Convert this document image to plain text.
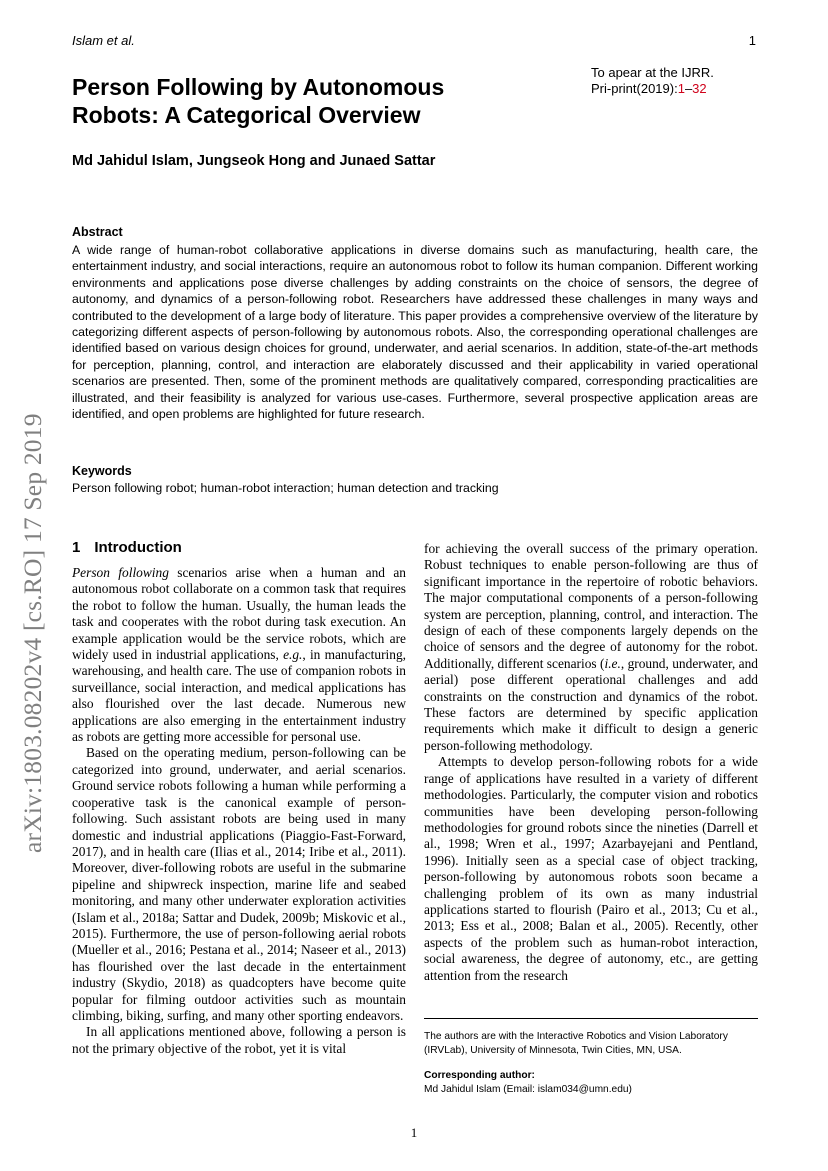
Islam et al.	1
arXiv:1803.08202v4 [cs.RO] 17 Sep 2019
Person Following by Autonomous
Robots: A Categorical Overview
To apear at the IJRR.
Pri-print(2019):1–32
Md Jahidul Islam, Jungseok Hong and Junaed Sattar
Abstract
A wide range of human-robot collaborative applications in diverse domains such as manufacturing, health care, the entertainment industry, and social interactions, require an autonomous robot to follow its human companion. Different working environments and applications pose diverse challenges by adding constraints on the choice of sensors, the degree of autonomy, and dynamics of a person-following robot. Researchers have addressed these challenges in many ways and contributed to the development of a large body of literature. This paper provides a comprehensive overview of the literature by categorizing different aspects of person-following by autonomous robots. Also, the corresponding operational challenges are identified based on various design choices for ground, underwater, and aerial scenarios. In addition, state-of-the-art methods for perception, planning, control, and interaction are elaborately discussed and their applicability in varied operational scenarios are presented. Then, some of the prominent methods are qualitatively compared, corresponding practicalities are illustrated, and their feasibility is analyzed for various use-cases. Furthermore, several prospective application areas are identified, and open problems are highlighted for future research.
Keywords
Person following robot; human-robot interaction; human detection and tracking
1 Introduction

Person following scenarios arise when a human and an autonomous robot collaborate on a common task that requires the robot to follow the human. Usually, the human leads the task and cooperates with the robot during task execution. An example application would be the service robots, which are widely used in industrial applications, e.g., in manufacturing, warehousing, and health care. The use of companion robots in surveillance, social interaction, and medical applications has also flourished over the last decade. Numerous new applications are also emerging in the entertainment industry as robots are getting more accessible for personal use.

Based on the operating medium, person-following can be categorized into ground, underwater, and aerial scenarios. Ground service robots following a human while performing a cooperative task is the canonical example of person-following. Such assistant robots are being used in many domestic and industrial applications (Piaggio-Fast-Forward, 2017), and in health care (Ilias et al., 2014; Iribe et al., 2011). Moreover, diver-following robots are useful in the submarine pipeline and shipwreck inspection, marine life and seabed monitoring, and many other underwater exploration activities (Islam et al., 2018a; Sattar and Dudek, 2009b; Miskovic et al., 2015). Furthermore, the use of person-following aerial robots (Mueller et al., 2016; Pestana et al., 2014; Naseer et al., 2013) has flourished over the last decade in the entertainment industry (Skydio, 2018) as quadcopters have become quite popular for filming outdoor activities such as mountain climbing, biking, surfing, and many other sporting endeavors.

In all applications mentioned above, following a person is not the primary objective of the robot, yet it is vital

for achieving the overall success of the primary operation. Robust techniques to enable person-following are thus of significant importance in the repertoire of robotic behaviors. The major computational components of a person-following system are perception, planning, control, and interaction. The design of each of these components largely depends on the choice of sensors and the degree of autonomy for the robot. Additionally, different scenarios (i.e., ground, underwater, and aerial) pose different operational challenges and add constraints on the construction and dynamics of the robot. These factors are determined by specific application requirements which make it difficult to design a generic person-following methodology.

Attempts to develop person-following robots for a wide range of applications have resulted in a variety of different methodologies. Particularly, the computer vision and robotics communities have been developing person-following methodologies for ground robots since the nineties (Darrell et al., 1998; Wren et al., 1997; Azarbayejani and Pentland, 1996). Initially seen as a special case of object tracking, person-following by autonomous robots soon became a challenging problem of its own as many industrial applications started to flourish (Pairo et al., 2013; Cu et al., 2013; Ess et al., 2008; Balan et al., 2005). Recently, other aspects of the problem such as human-robot interaction, social awareness, the degree of autonomy, etc., are getting attention from the research

The authors are with the Interactive Robotics and Vision Laboratory (IRVLab), University of Minnesota, Twin Cities, MN, USA.
Corresponding author:
Md Jahidul Islam (Email: islam034@umn.edu)
1
